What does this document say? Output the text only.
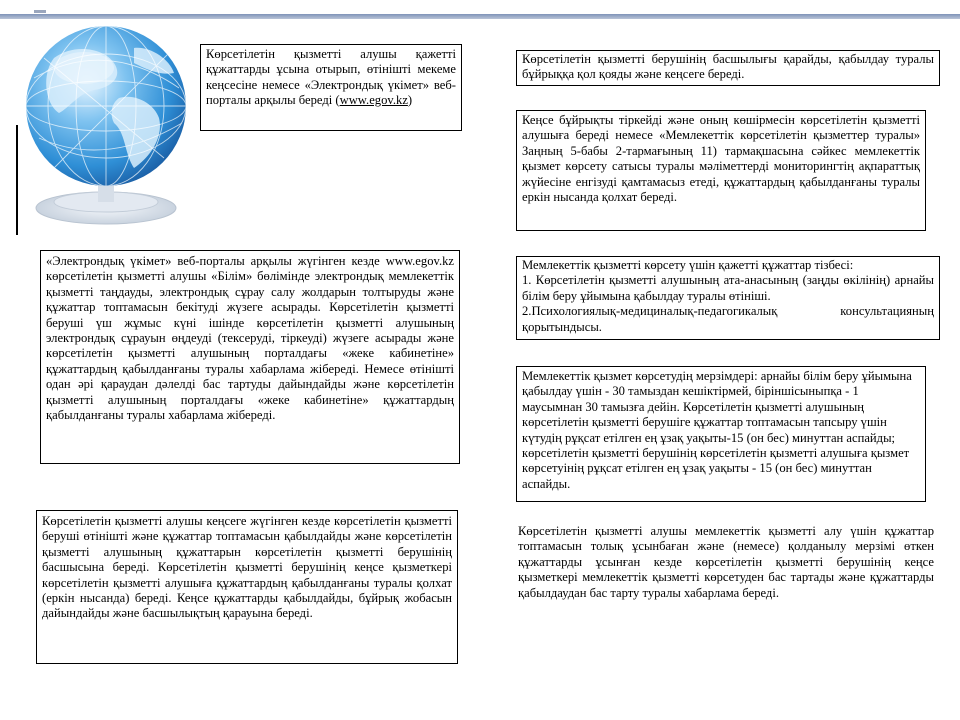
Көрсетілетін қызметті алушы қажетті құжаттарды ұсына отырып, өтінішті мекеме кеңсесіне немесе «Электрондық үкімет» веб-порталы арқылы береді (www.egov.kz)
«Электрондық үкімет» веб-порталы арқылы жүгінген кезде www.egov.kz көрсетілетін қызметті алушы «Білім» бөлімінде электрондық мемлекеттік қызметті таңдауды, электрондық сұрау салу жолдарын толтыруды және құжаттар топтамасын бекітуді жүзеге асырады. Көрсетілетін қызметті беруші үш жұмыс күні ішінде көрсетілетін қызметті алушының электрондық сұрауын өңдеуді (тексеруді, тіркеуді) жүзеге асырады және көрсетілетін қызметті алушының порталдағы «жеке кабинетіне» құжаттардың қабылданғаны туралы хабарлама жібереді. Немесе өтінішті одан әрі қараудан дәлелді бас тартуды дайындайды және көрсетілетін қызметті алушының порталдағы «жеке кабинетіне» құжаттардың қабылданғаны туралы хабарлама жібереді.
Көрсетілетін қызметті алушы кеңсеге жүгінген кезде көрсетілетін қызметті беруші өтінішті және құжаттар топтамасын қабылдайды және көрсетілетін қызметті алушының құжаттарын көрсетілетін қызметті берушінің басшысына береді. Көрсетілетін қызметті берушінің кеңсе қызметкері көрсетілетін қызметті алушыға құжаттардың қабылданғаны туралы қолхат (еркін нысанда) береді. Кеңсе құжаттарды қабылдайды, бұйрық жобасын дайындайды және басшылықтың қарауына береді.
Көрсетілетін қызметті берушінің басшылығы қарайды, қабылдау туралы бұйрыққа қол қояды және кеңсеге береді.
Кеңсе бұйрықты тіркейді және оның көшірмесін көрсетілетін қызметті алушыға береді немесе «Мемлекеттік көрсетілетін қызметтер туралы» Заңның 5-бабы 2-тармағының 11) тармақшасына сәйкес мемлекеттік қызмет көрсету сатысы туралы мәліметтерді мониторингтің ақпараттық жүйесіне енгізуді қамтамасыз етеді, құжаттардың қабылданғаны туралы еркін нысанда қолхат береді.
Мемлекеттік қызметті көрсету үшін қажетті құжаттар тізбесі:
1. Көрсетілетін қызметті алушының ата-анасының (заңды өкілінің) арнайы білім беру ұйымына қабылдау туралы өтініші.
2.Психологиялық-медициналық-педагогикалық консультацияның қорытындысы.
Мемлекеттік қызмет көрсетудің мерзімдері: арнайы білім беру ұйымына қабылдау үшін - 30 тамыздан кешіктірмей, біріншісыныпқа - 1 маусымнан 30 тамызға дейін. Көрсетілетін қызметті алушының көрсетілетін қызметті берушіге құжаттар топтамасын тапсыру үшін күтудің рұқсат етілген ең ұзақ уақыты-15 (он бес) минуттан аспайды; көрсетілетін қызметті берушінің көрсетілетін қызметті алушыға қызмет көрсетуінің рұқсат етілген ең ұзақ уақыты - 15 (он бес) минуттан аспайды.
Көрсетілетін қызметті алушы мемлекеттік қызметті алу үшін құжаттар топтамасын толық ұсынбаған және (немесе) қолданылу мерзімі өткен құжаттарды ұсынған кезде көрсетілетін қызметті берушінің кеңсе қызметкері мемлекеттік қызметті көрсетуден бас тартады және құжаттарды қабылдаудан бас тарту туралы хабарлама береді.
